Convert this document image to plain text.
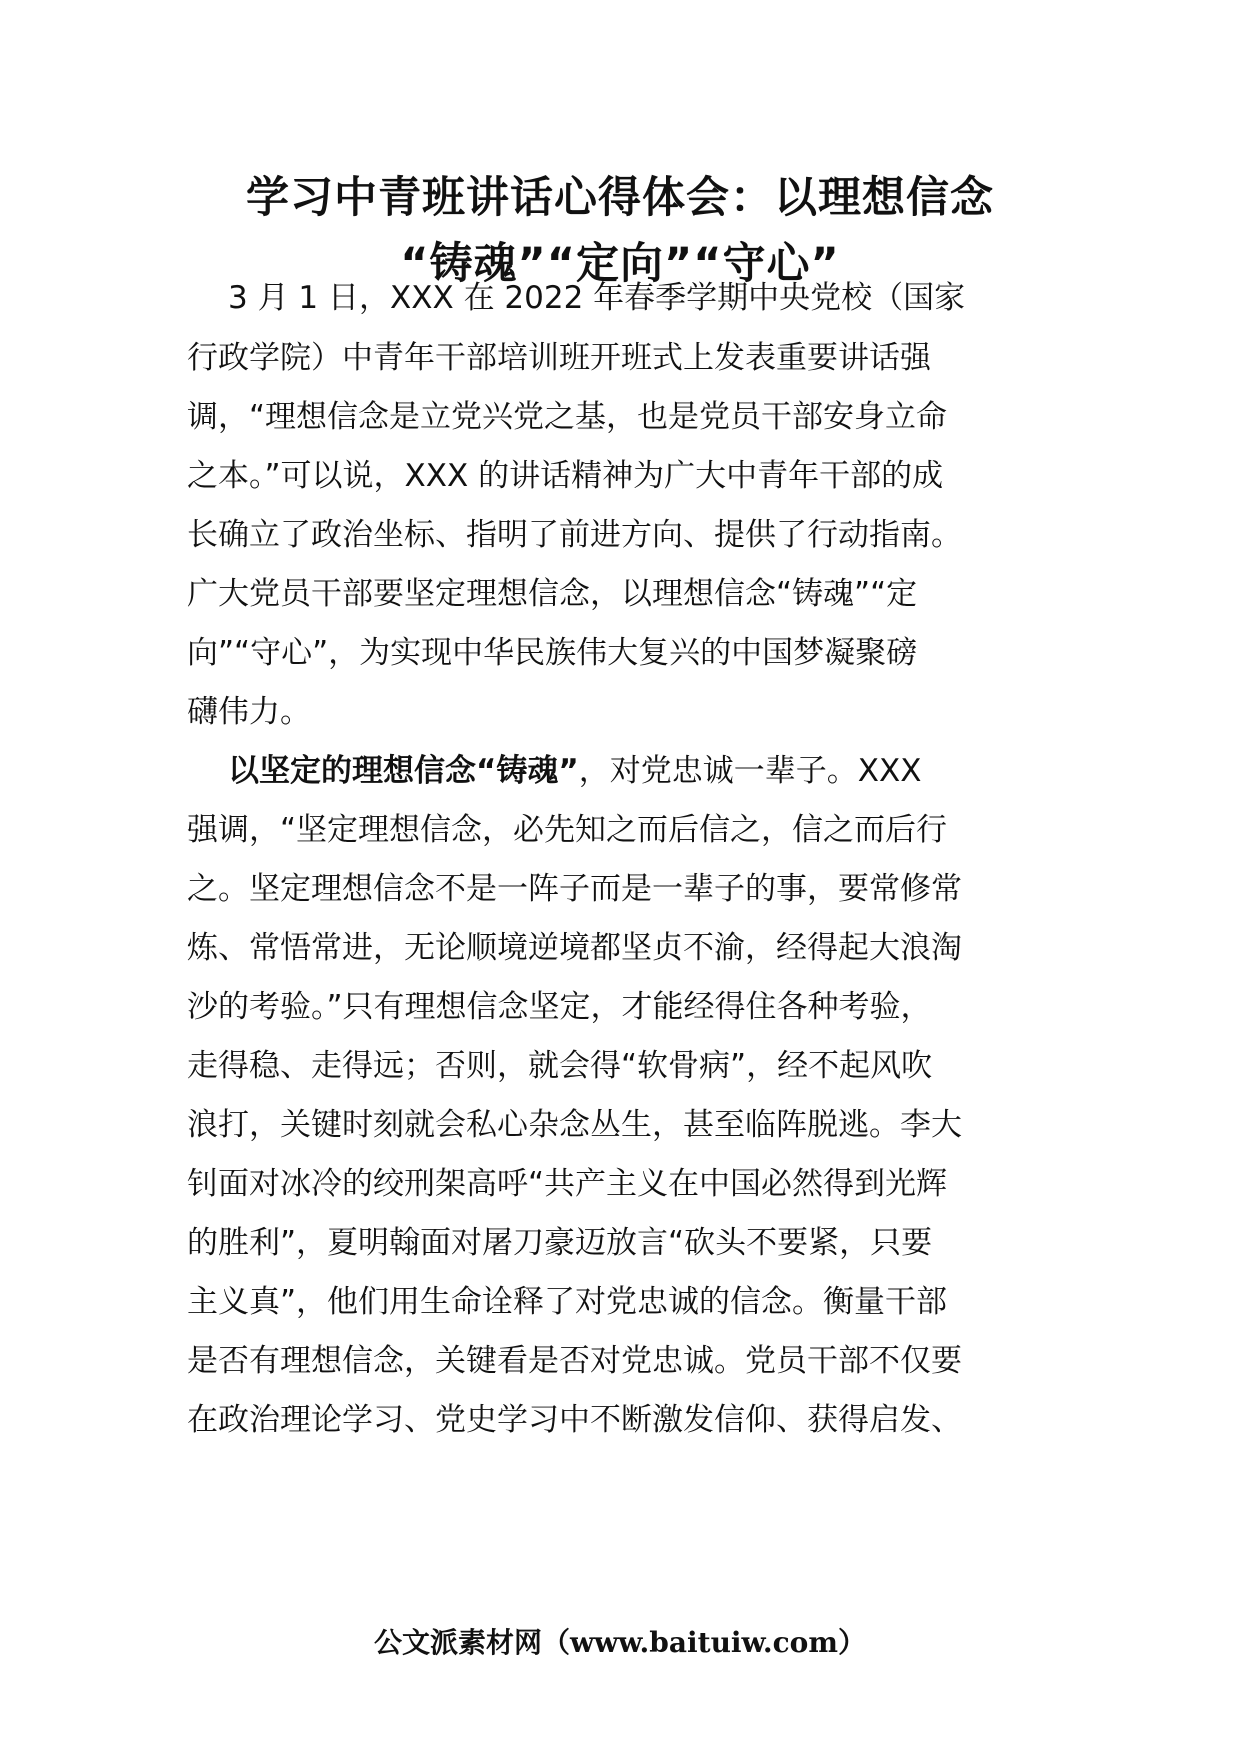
学习中青班讲话心得体会：以理想信念
“铸魂”“定向”“守心”

3 月 1 日，XXX 在 2022 年春季学期中央党校（国家

行政学院）中青年干部培训班开班式上发表重要讲话强

调，“理想信念是立党兴党之基，也是党员干部安身立命

之本。”可以说，XXX 的讲话精神为广大中青年干部的成

长确立了政治坐标、指明了前进方向、提供了行动指南。

广大党员干部要坚定理想信念，以理想信念“铸魂”“定

向”“守心”，为实现中华民族伟大复兴的中国梦凝聚磅

礴伟力。

以坚定的理想信念“铸魂”，对党忠诚一辈子。XXX

强调，“坚定理想信念，必先知之而后信之，信之而后行

之。坚定理想信念不是一阵子而是一辈子的事，要常修常

炼、常悟常进，无论顺境逆境都坚贞不渝，经得起大浪淘

沙的考验。”只有理想信念坚定，才能经得住各种考验，

走得稳、走得远；否则，就会得“软骨病”，经不起风吹

浪打，关键时刻就会私心杂念丛生，甚至临阵脱逃。李大

钊面对冰冷的绞刑架高呼“共产主义在中国必然得到光辉

的胜利”，夏明翰面对屠刀豪迈放言“砍头不要紧，只要

主义真”，他们用生命诠释了对党忠诚的信念。衡量干部

是否有理想信念，关键看是否对党忠诚。党员干部不仅要

在政治理论学习、党史学习中不断激发信仰、获得启发、

公文派素材网（www.baituiw.com）
